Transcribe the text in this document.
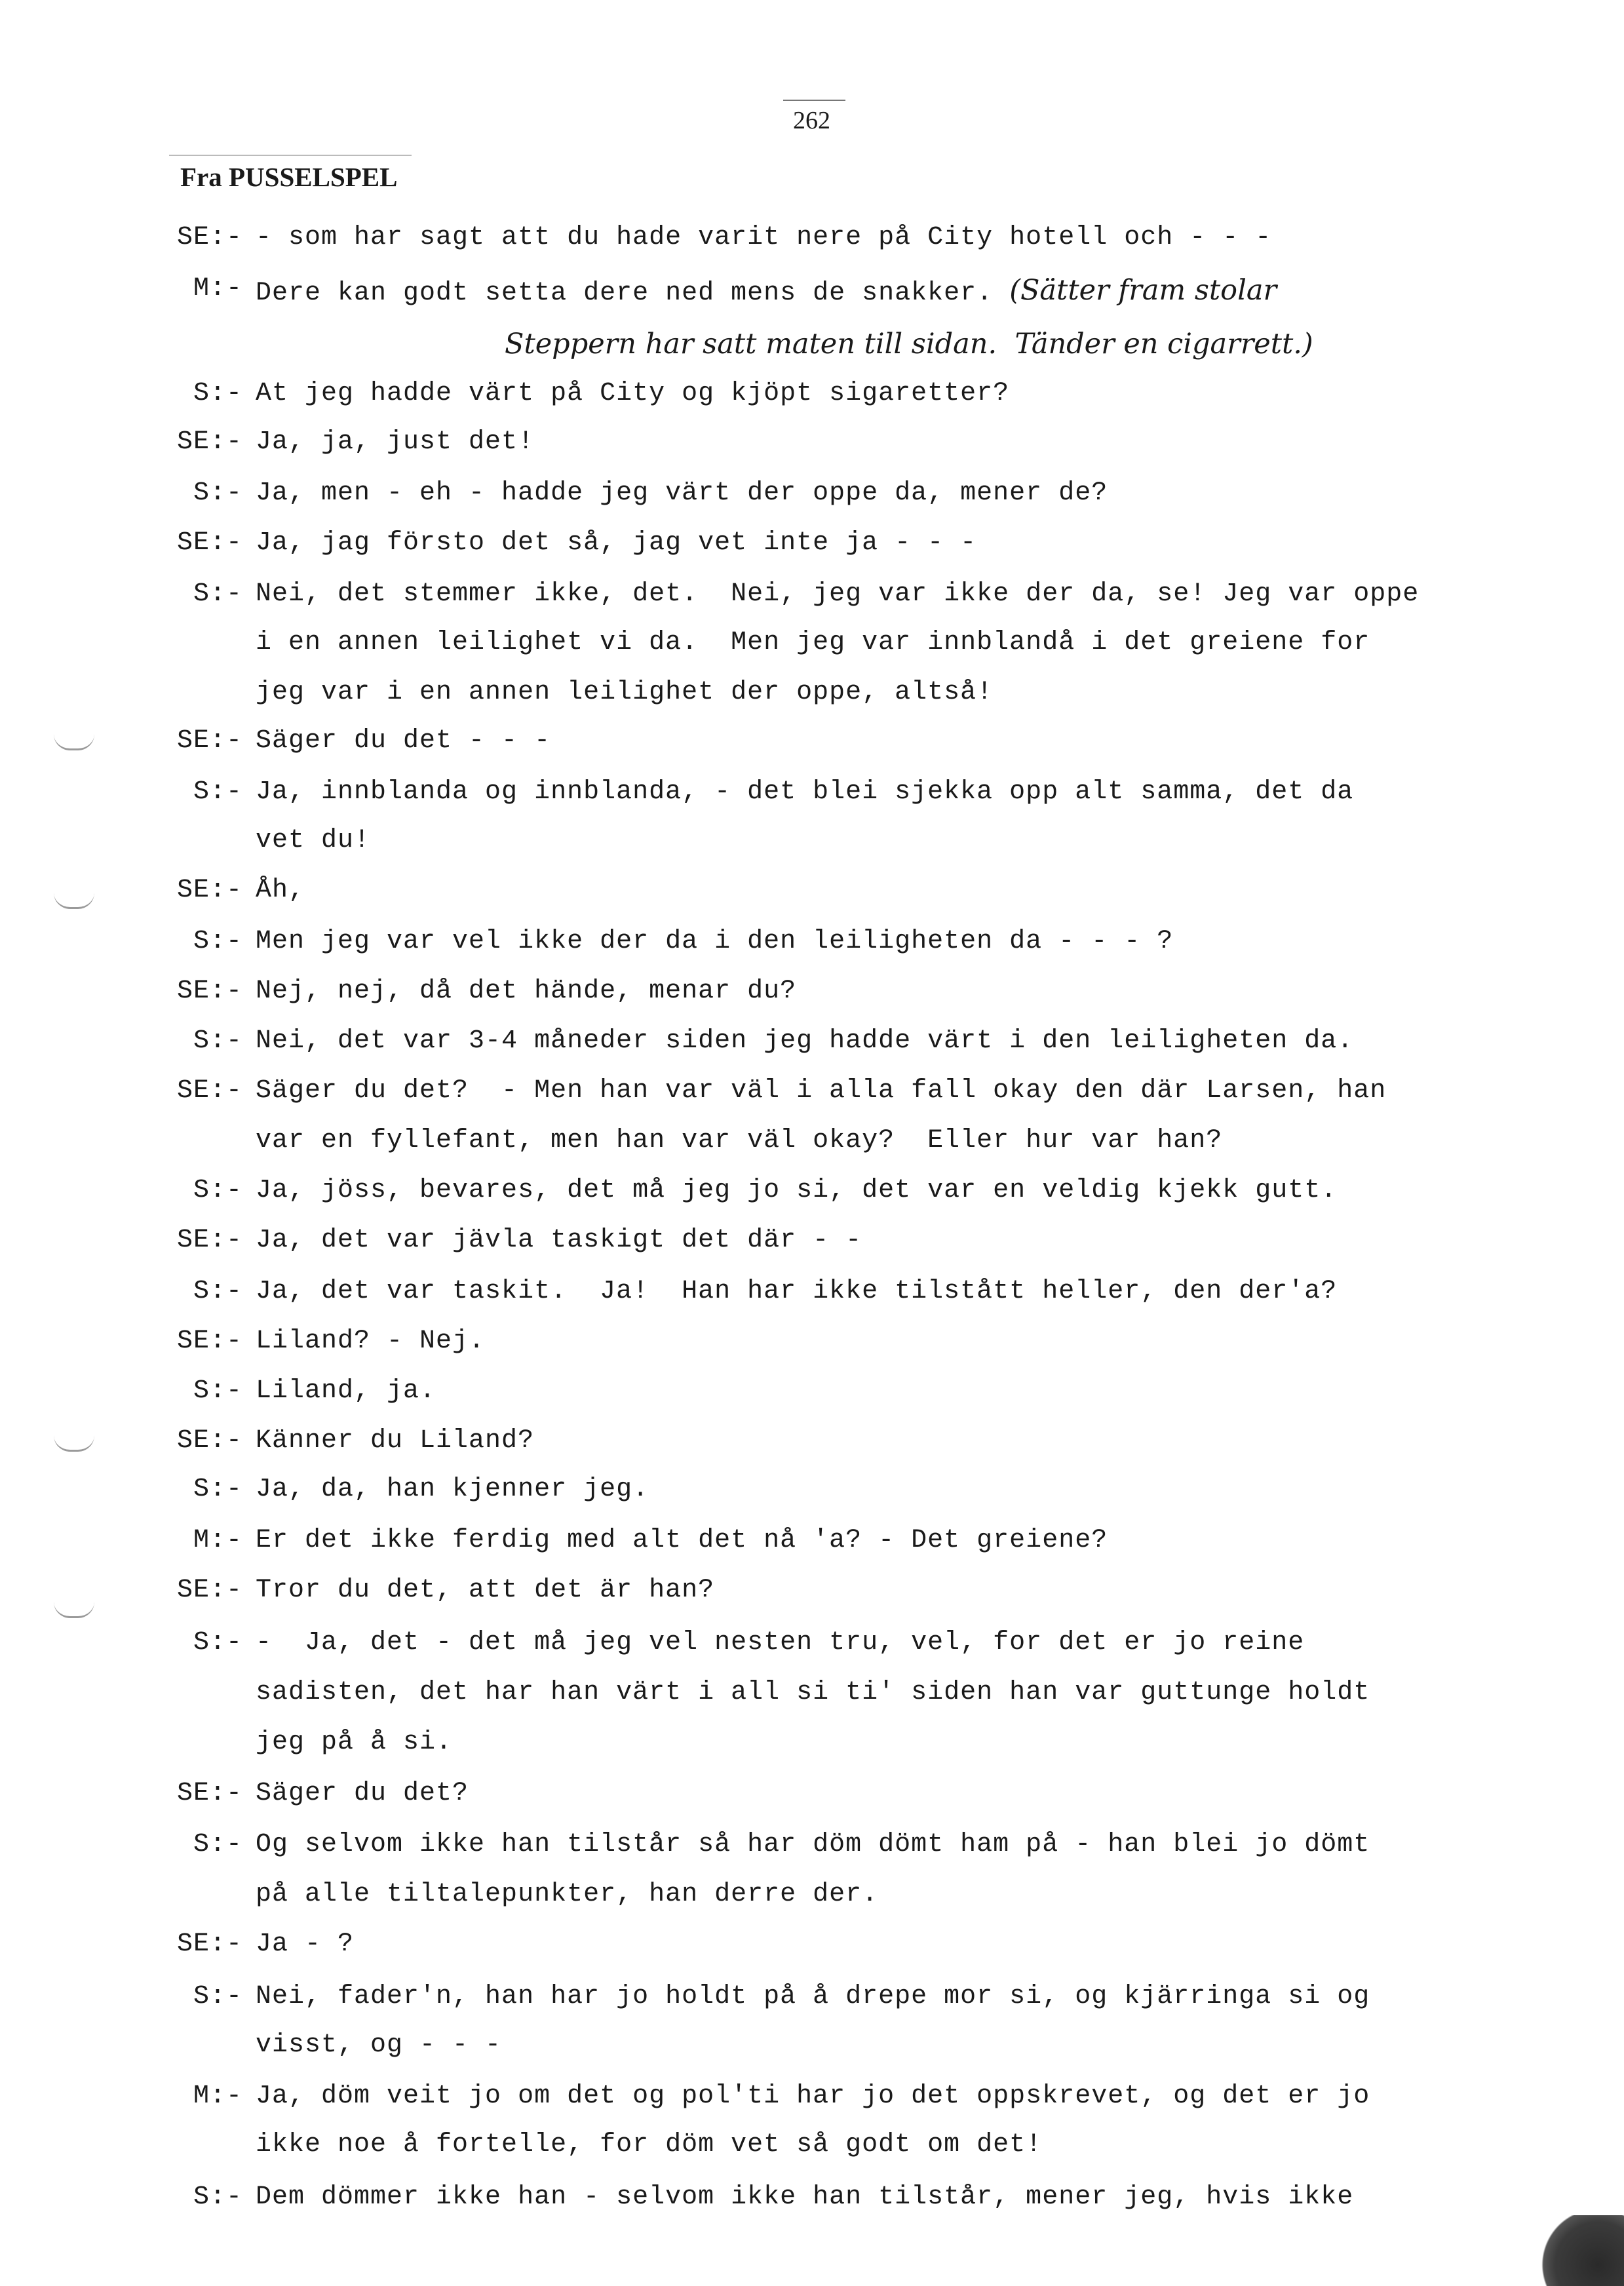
262
Fra PUSSELSPEL
SE:- - som har sagt att du hade varit nere på City hotell och - - -
M:- Dere kan godt setta dere ned mens de snakker. (Sätter fram stolar
Steppern har satt maten till sidan.  Tänder en cigarrett.)
S:- At jeg hadde värt på City og kjöpt sigaretter?
SE:- Ja, ja, just det!
S:- Ja, men - eh - hadde jeg värt der oppe da, mener de?
SE:- Ja, jag försto det så, jag vet inte ja - - -
S:- Nei, det stemmer ikke, det.  Nei, jeg var ikke der da, se! Jeg var oppe
i en annen leilighet vi da.  Men jeg var innblandå i det greiene for
jeg var i en annen leilighet der oppe, altså!
SE:- Säger du det - - -
S:- Ja, innblanda og innblanda, - det blei sjekka opp alt samma, det da
vet du!
SE:- Åh,
S:- Men jeg var vel ikke der da i den leiligheten da - - - ?
SE:- Nej, nej, då det hände, menar du?
S:- Nei, det var 3-4 måneder siden jeg hadde värt i den leiligheten da.
SE:- Säger du det?  - Men han var väl i alla fall okay den där Larsen, han
var en fyllefant, men han var väl okay?  Eller hur var han?
S:- Ja, jöss, bevares, det må jeg jo si, det var en veldig kjekk gutt.
SE:- Ja, det var jävla taskigt det där - -
S:- Ja, det var taskit.  Ja!  Han har ikke tilstått heller, den der'a?
SE:- Liland? - Nej.
S:- Liland, ja.
SE:- Känner du Liland?
S:- Ja, da, han kjenner jeg.
M:- Er det ikke ferdig med alt det nå 'a? - Det greiene?
SE:- Tror du det, att det är han?
S:- -  Ja, det - det må jeg vel nesten tru, vel, for det er jo reine
sadisten, det har han värt i all si ti' siden han var guttunge holdt
jeg på å si.
SE:- Säger du det?
S:- Og selvom ikke han tilstår så har döm dömt ham på - han blei jo dömt
på alle tiltalepunkter, han derre der.
SE:- Ja - ?
S:- Nei, fader'n, han har jo holdt på å drepe mor si, og kjärringa si og
visst, og - - -
M:- Ja, döm veit jo om det og pol'ti har jo det oppskrevet, og det er jo
ikke noe å fortelle, for döm vet så godt om det!
S:- Dem dömmer ikke han - selvom ikke han tilstår, mener jeg, hvis ikke
